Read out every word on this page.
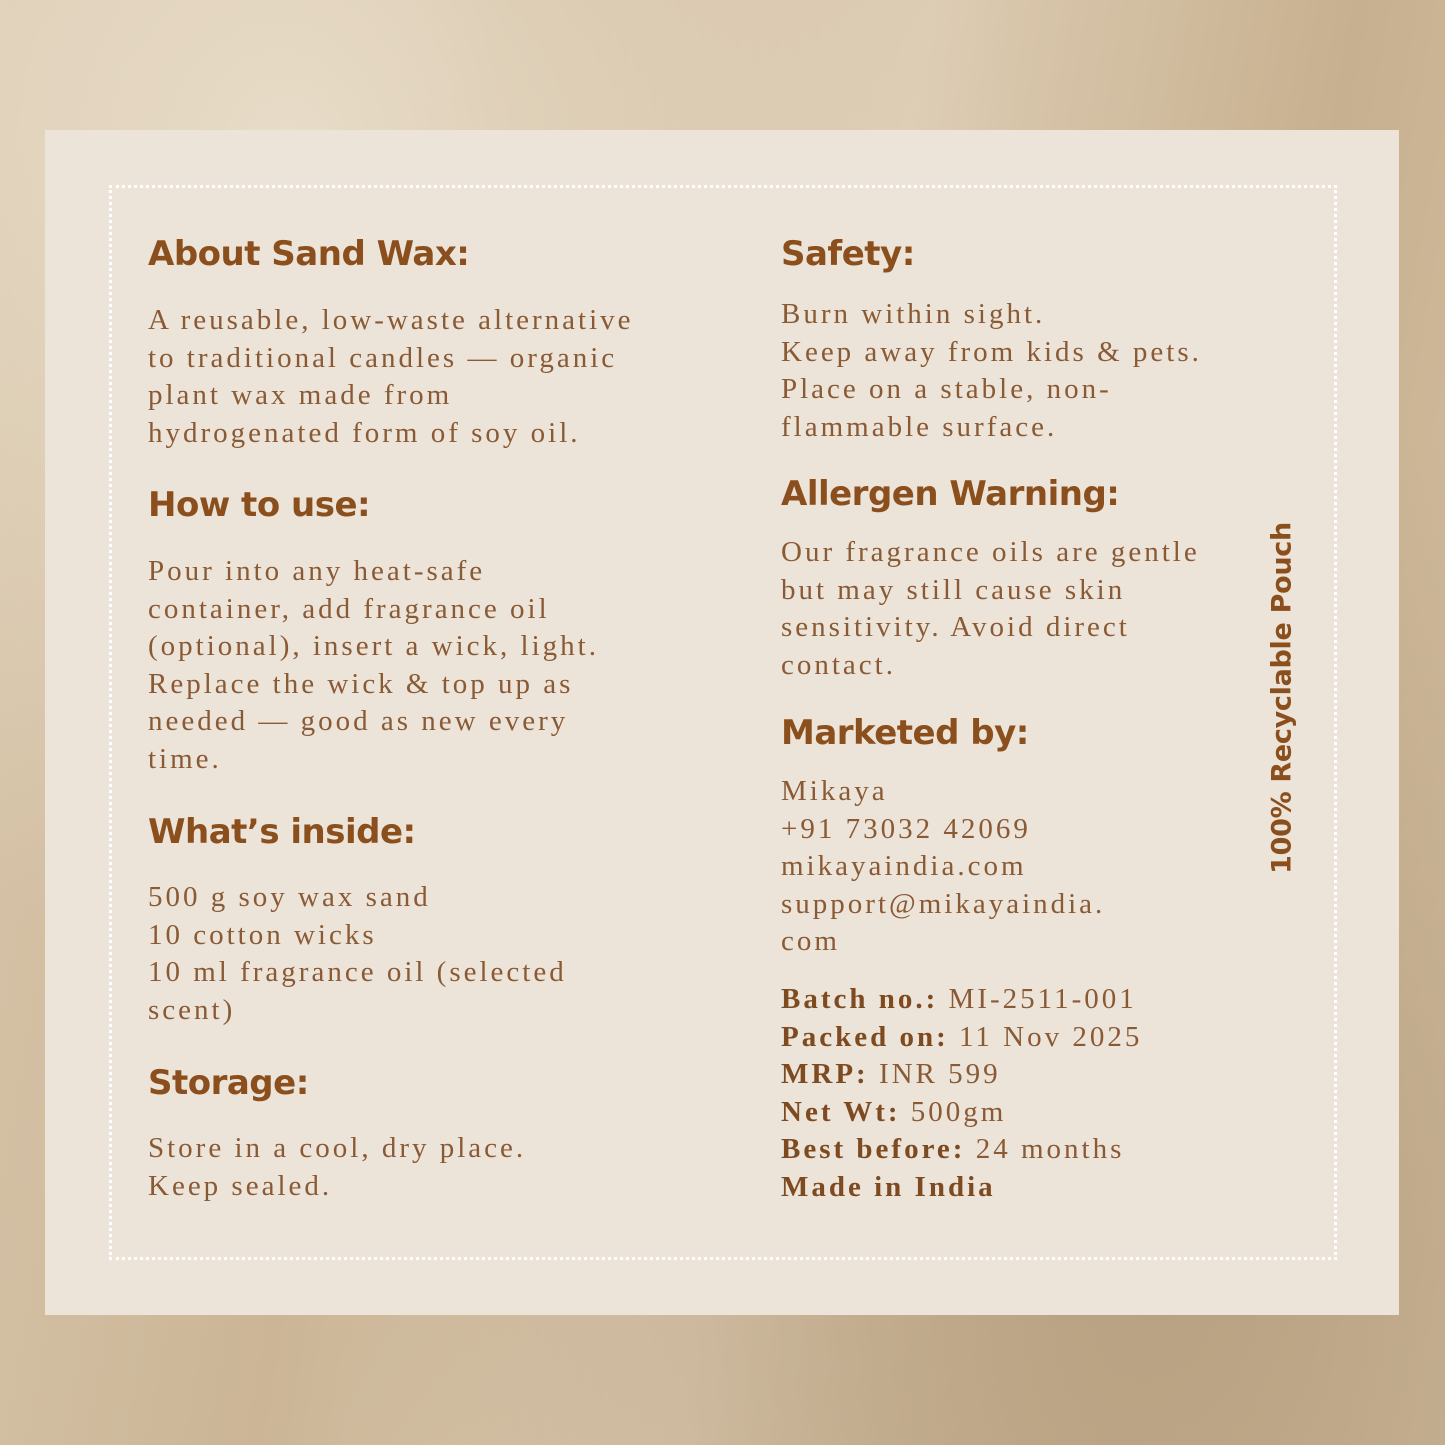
About Sand Wax:

A reusable, low-waste alternative
to traditional candles — organic
plant wax made from
hydrogenated form of soy oil.

How to use:

Pour into any heat-safe
container, add fragrance oil
(optional), insert a wick, light.
Replace the wick & top up as
needed — good as new every
time.

What’s inside:

500 g soy wax sand
10 cotton wicks
10 ml fragrance oil (selected
scent)

Storage:

Store in a cool, dry place.
Keep sealed.

Safety:

Burn within sight.
Keep away from kids & pets.
Place on a stable, non-
flammable surface.

Allergen Warning:

Our fragrance oils are gentle
but may still cause skin
sensitivity. Avoid direct
contact.

Marketed by:

Mikaya
+91 73032 42069
mikayaindia.com
support@mikayaindia.
com

Batch no.: MI-2511-001
Packed on: 11 Nov 2025
MRP: INR 599
Net Wt: 500gm
Best before: 24 months
Made in India

100% Recyclable Pouch
